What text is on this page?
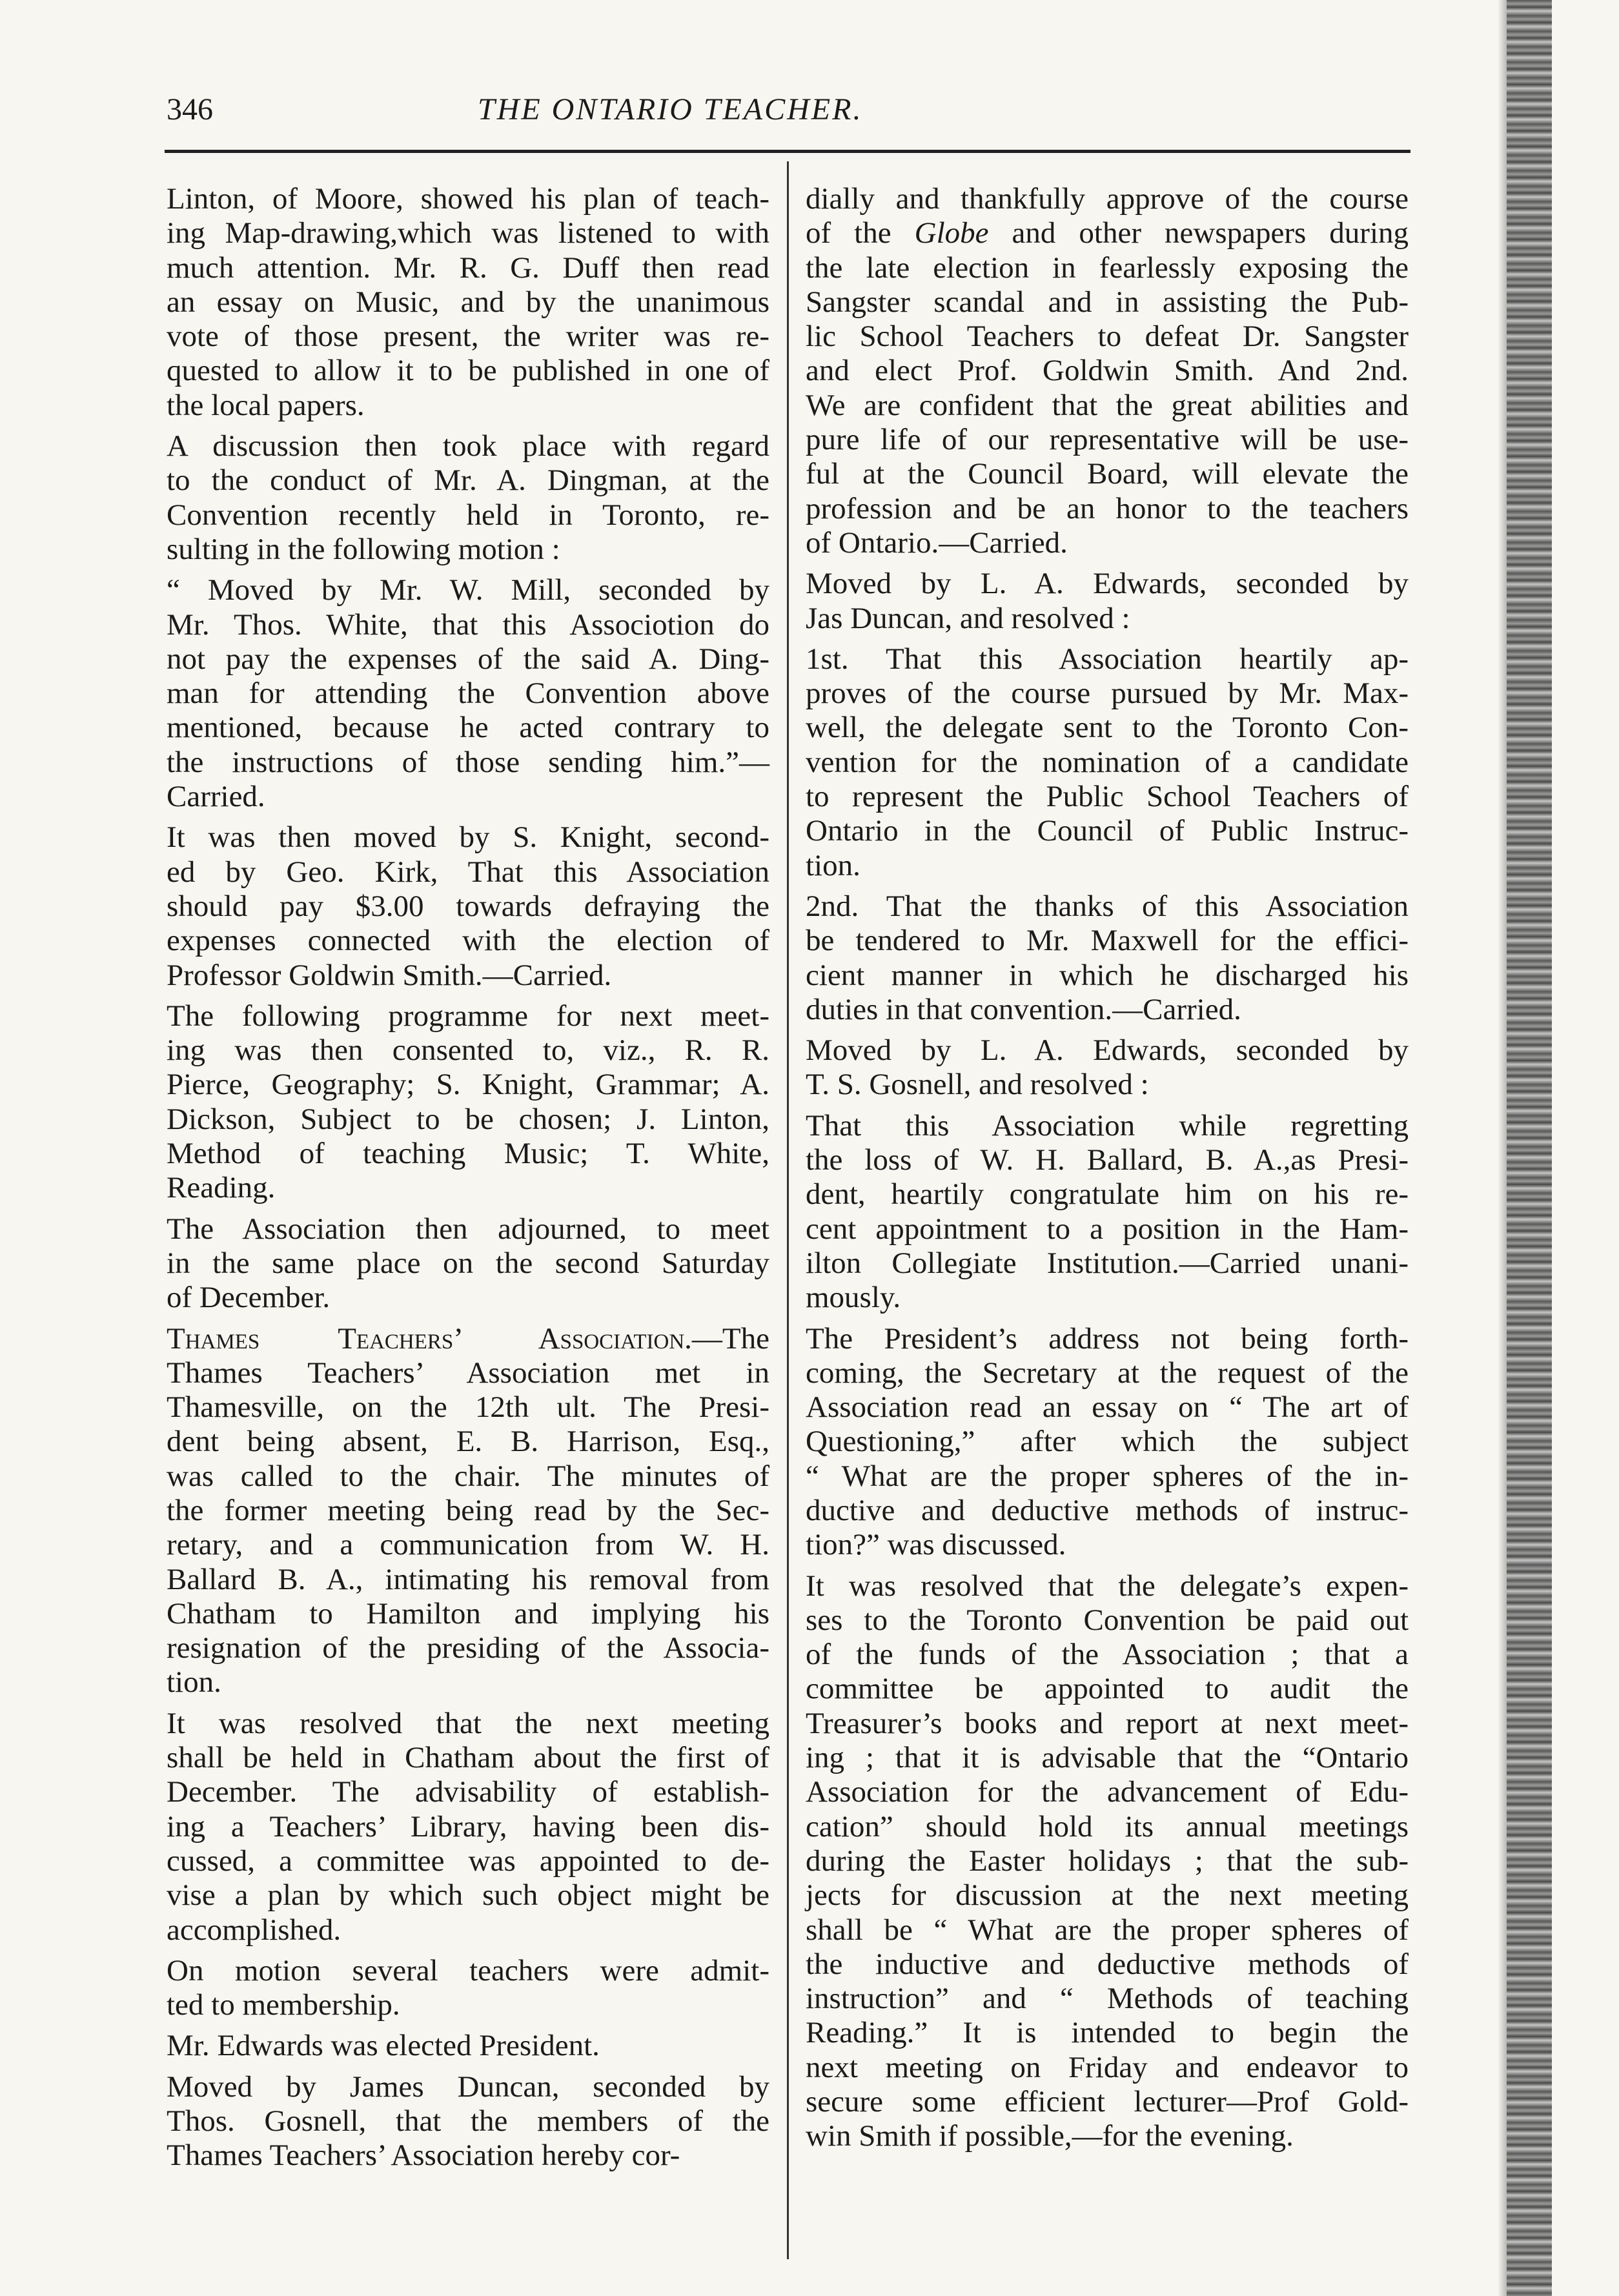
346	THE ONTARIO TEACHER.
Linton, of Moore, showed his plan of teach-
ing Map-drawing,which was listened to with
much attention. Mr. R. G. Duff then read
an essay on Music, and by the unanimous
vote of those present, the writer was re-
quested to allow it to be published in one of
the local papers.
A discussion then took place with regard
to the conduct of Mr. A. Dingman, at the
Convention recently held in Toronto, re-
sulting in the following motion :
“ Moved by Mr. W. Mill, seconded by
Mr. Thos. White, that this Associotion do
not pay the expenses of the said A. Ding-
man for attending the Convention above
mentioned, because he acted contrary to
the instructions of those sending him.”—
Carried.
It was then moved by S. Knight, second-
ed by Geo. Kirk, That this Association
should pay $3.00 towards defraying the
expenses connected with the election of
Professor Goldwin Smith.—Carried.
The following programme for next meet-
ing was then consented to, viz., R. R.
Pierce, Geography; S. Knight, Grammar; A.
Dickson, Subject to be chosen; J. Linton,
Method of teaching Music; T. White,
Reading.
The Association then adjourned, to meet
in the same place on the second Saturday
of December.
Thames Teachers’ Association.—The
Thames Teachers’ Association met in
Thamesville, on the 12th ult. The Presi-
dent being absent, E. B. Harrison, Esq.,
was called to the chair. The minutes of
the former meeting being read by the Sec-
retary, and a communication from W. H.
Ballard B. A., intimating his removal from
Chatham to Hamilton and implying his
resignation of the presiding of the Associa-
tion.
It was resolved that the next meeting
shall be held in Chatham about the first of
December. The advisability of establish-
ing a Teachers’ Library, having been dis-
cussed, a committee was appointed to de-
vise a plan by which such object might be
accomplished.
On motion several teachers were admit-
ted to membership.
Mr. Edwards was elected President.
Moved by James Duncan, seconded by
Thos. Gosnell, that the members of the
Thames Teachers’ Association hereby cor-
dially and thankfully approve of the course
of the Globe and other newspapers during
the late election in fearlessly exposing the
Sangster scandal and in assisting the Pub-
lic School Teachers to defeat Dr. Sangster
and elect Prof. Goldwin Smith. And 2nd.
We are confident that the great abilities and
pure life of our representative will be use-
ful at the Council Board, will elevate the
profession and be an honor to the teachers
of Ontario.—Carried.
Moved by L. A. Edwards, seconded by
Jas Duncan, and resolved :
1st. That this Association heartily ap-
proves of the course pursued by Mr. Max-
well, the delegate sent to the Toronto Con-
vention for the nomination of a candidate
to represent the Public School Teachers of
Ontario in the Council of Public Instruc-
tion.
2nd. That the thanks of this Association
be tendered to Mr. Maxwell for the effici-
cient manner in which he discharged his
duties in that convention.—Carried.
Moved by L. A. Edwards, seconded by
T. S. Gosnell, and resolved :
That this Association while regretting
the loss of W. H. Ballard, B. A.,as Presi-
dent, heartily congratulate him on his re-
cent appointment to a position in the Ham-
ilton Collegiate Institution.—Carried unani-
mously.
The President’s address not being forth-
coming, the Secretary at the request of the
Association read an essay on “ The art of
Questioning,” after which the subject
“ What are the proper spheres of the in-
ductive and deductive methods of instruc-
tion?” was discussed.
It was resolved that the delegate’s expen-
ses to the Toronto Convention be paid out
of the funds of the Association ; that a
committee be appointed to audit the
Treasurer’s books and report at next meet-
ing ; that it is advisable that the “Ontario
Association for the advancement of Edu-
cation” should hold its annual meetings
during the Easter holidays ; that the sub-
jects for discussion at the next meeting
shall be “ What are the proper spheres of
the inductive and deductive methods of
instruction” and “ Methods of teaching
Reading.” It is intended to begin the
next meeting on Friday and endeavor to
secure some efficient lecturer—Prof Gold-
win Smith if possible,—for the evening.
